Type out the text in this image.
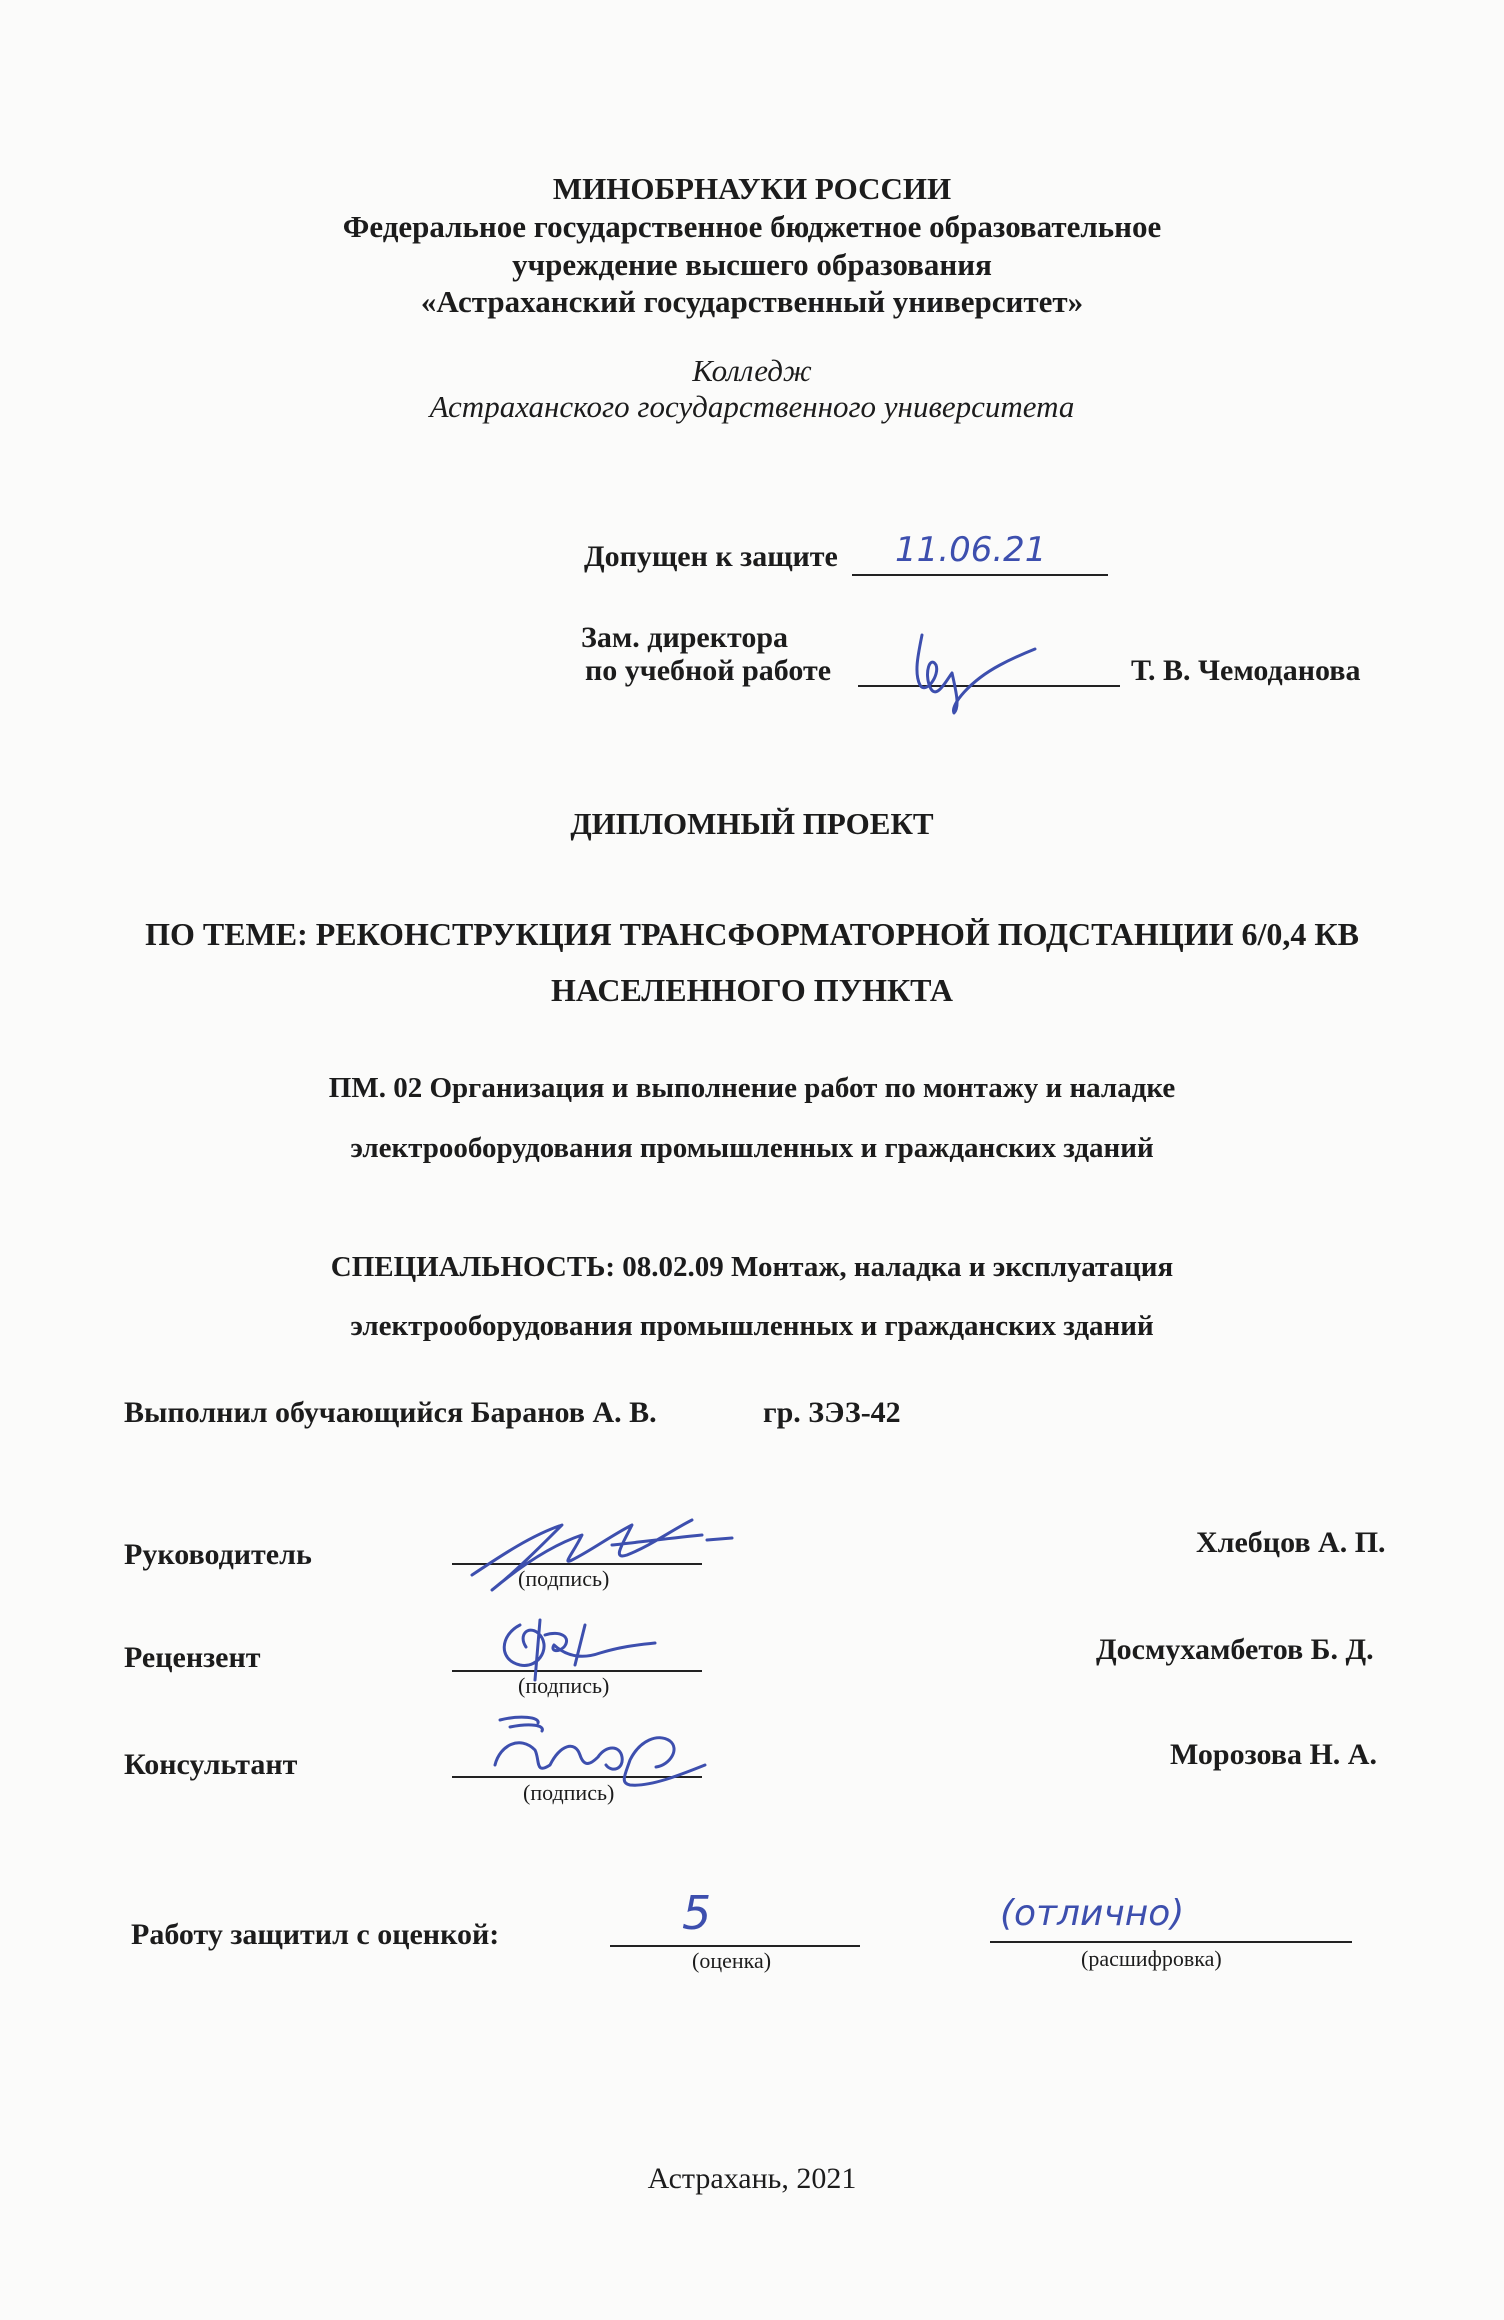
МИНОБРНАУКИ РОССИИ
Федеральное государственное бюджетное образовательное
учреждение высшего образования
«Астраханский государственный университет»
Колледж
Астраханского государственного университета
Допущен к защите 11.06.21
Зам. директора
по учебной работе	Т. В. Чемоданова
ДИПЛОМНЫЙ ПРОЕКТ
ПО ТЕМЕ: РЕКОНСТРУКЦИЯ ТРАНСФОРМАТОРНОЙ ПОДСТАНЦИИ 6/0,4 КВ
НАСЕЛЕННОГО ПУНКТА
ПМ. 02 Организация и выполнение работ по монтажу и наладке
электрооборудования промышленных и гражданских зданий
СПЕЦИАЛЬНОСТЬ: 08.02.09 Монтаж, наладка и эксплуатация
электрооборудования промышленных и гражданских зданий
Выполнил обучающийся Баранов А. В.	гр. ЗЭЗ-42
Руководитель
(подпись)
Хлебцов А. П.
Рецензент
(подпись)
Досмухамбетов Б. Д.
Консультант
(подпись)
Морозова Н. А.
Работу защитил с оценкой:	5
(оценка)
(отлично)
(расшифровка)
Астрахань, 2021
